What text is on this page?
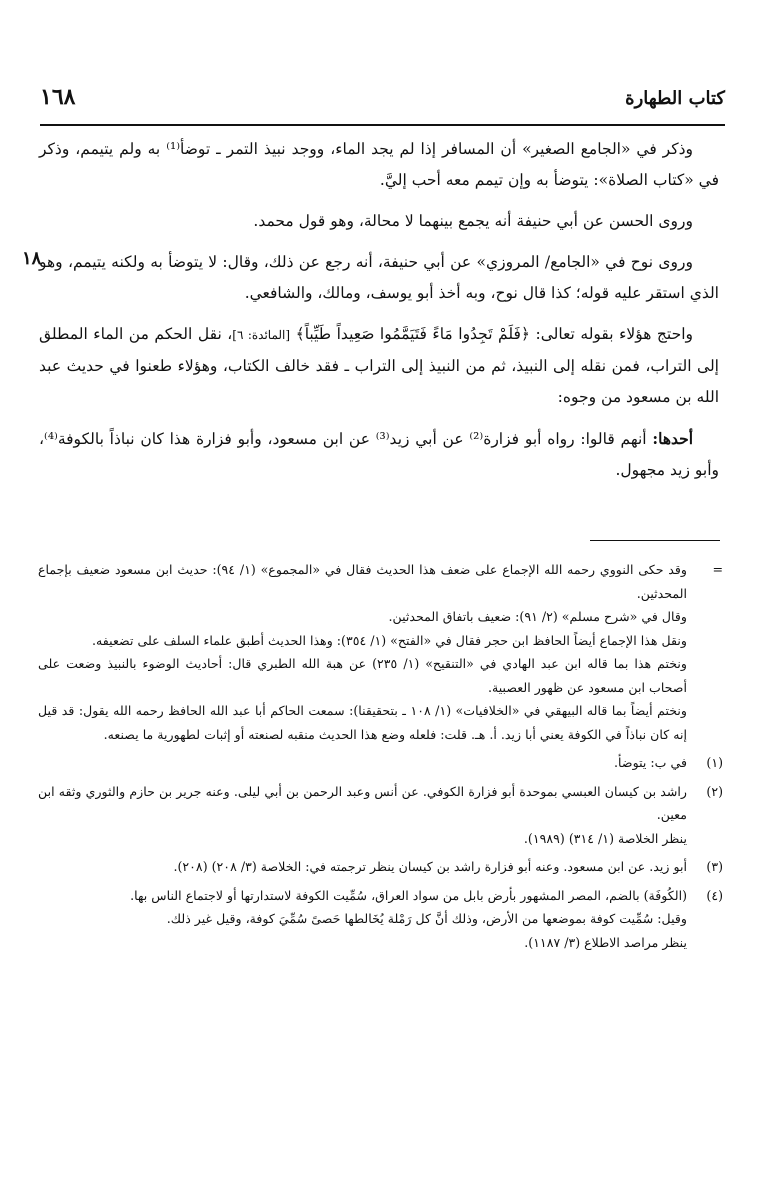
كتاب الطهارة
١٦٨
١٨

وذكر في «الجامع الصغير» أن المسافر إذا لم يجد الماء، ووجد نبيذ التمر ـ توضأ⁽¹⁾ به ولم يتيمم، وذكر في «كتاب الصلاة»: يتوضأ به وإن تيمم معه أحب إليَّ.

وروى الحسن عن أبي حنيفة أنه يجمع بينهما لا محالة، وهو قول محمد.

وروى نوح في «الجامع/ المروزي» عن أبي حنيفة، أنه رجع عن ذلك، وقال: لا يتوضأ به ولكنه يتيمم، وهو الذي استقر عليه قوله؛ كذا قال نوح، وبه أخذ أبو يوسف، ومالك، والشافعي.

واحتج هؤلاء بقوله تعالى: ﴿فَلَمْ تَجِدُوا مَاءً فَتَيَمَّمُوا صَعِيداً طَيِّباً﴾ [المائدة: ٦]، نقل الحكم من الماء المطلق إلى التراب، فمن نقله إلى النبيذ، ثم من النبيذ إلى التراب ـ فقد خالف الكتاب، وهؤلاء طعنوا في حديث عبد الله بن مسعود من وجوه:

أحدها: أنهم قالوا: رواه أبو فزارة⁽²⁾ عن أبي زيد⁽³⁾ عن ابن مسعود، وأبو فزارة هذا كان نباذاً بالكوفة⁽⁴⁾، وأبو زيد مجهول.

=
وقد حكى النووي رحمه الله الإجماع على ضعف هذا الحديث فقال في «المجموع» (١/ ٩٤): حديث ابن مسعود ضعيف بإجماع المحدثين.
وقال في «شرح مسلم» (٢/ ٩١): ضعيف باتفاق المحدثين.
ونقل هذا الإجماع أيضاً الحافظ ابن حجر فقال في «الفتح» (١/ ٣٥٤): وهذا الحديث أطبق علماء السلف على تضعيفه.
ونختم هذا بما قاله ابن عبد الهادي في «التنقيح» (١/ ٢٣٥) عن هبة الله الطبري قال: أحاديث الوضوء بالنبيذ وضعت على أصحاب ابن مسعود عن ظهور العصبية.
ونختم أيضاً بما قاله البيهقي في «الخلافيات» (١/ ١٠٨ ـ بتحقيقنا): سمعت الحاكم أبا عبد الله الحافظ رحمه الله يقول: قد قيل إنه كان نباذاً في الكوفة يعني أبا زيد. أ. هـ. قلت: فلعله وضع هذا الحديث منقبه لصنعته أو إثبات لطهورية ما يصنعه.
(١)
في ب: يتوضأ.
(٢)
راشد بن كيسان العبسي بموحدة أبو فزارة الكوفي. عن أنس وعبد الرحمن بن أبي ليلى. وعنه جرير بن حازم والثوري وثقه ابن معين.
ينظر الخلاصة (١/ ٣١٤) (١٩٨٩).
(٣)
أبو زيد. عن ابن مسعود. وعنه أبو فزارة راشد بن كيسان ينظر ترجمته في: الخلاصة (٣/ ٢٠٨) (٢٠٨).
(٤)
(الكُوفَة) بالضم، المصر المشهور بأرض بابل من سواد العراق، سُمِّيت الكوفة لاستدارتها أو لاجتماع الناس بها.
وقيل: سُمِّيت كوفة بموضعها من الأرض، وذلك أنَّ كل رَمْلة يُخَالطها حَصىً سُمِّيَ كوفة، وقيل غير ذلك.
ينظر مراصد الاطلاع (٣/ ١١٨٧).
